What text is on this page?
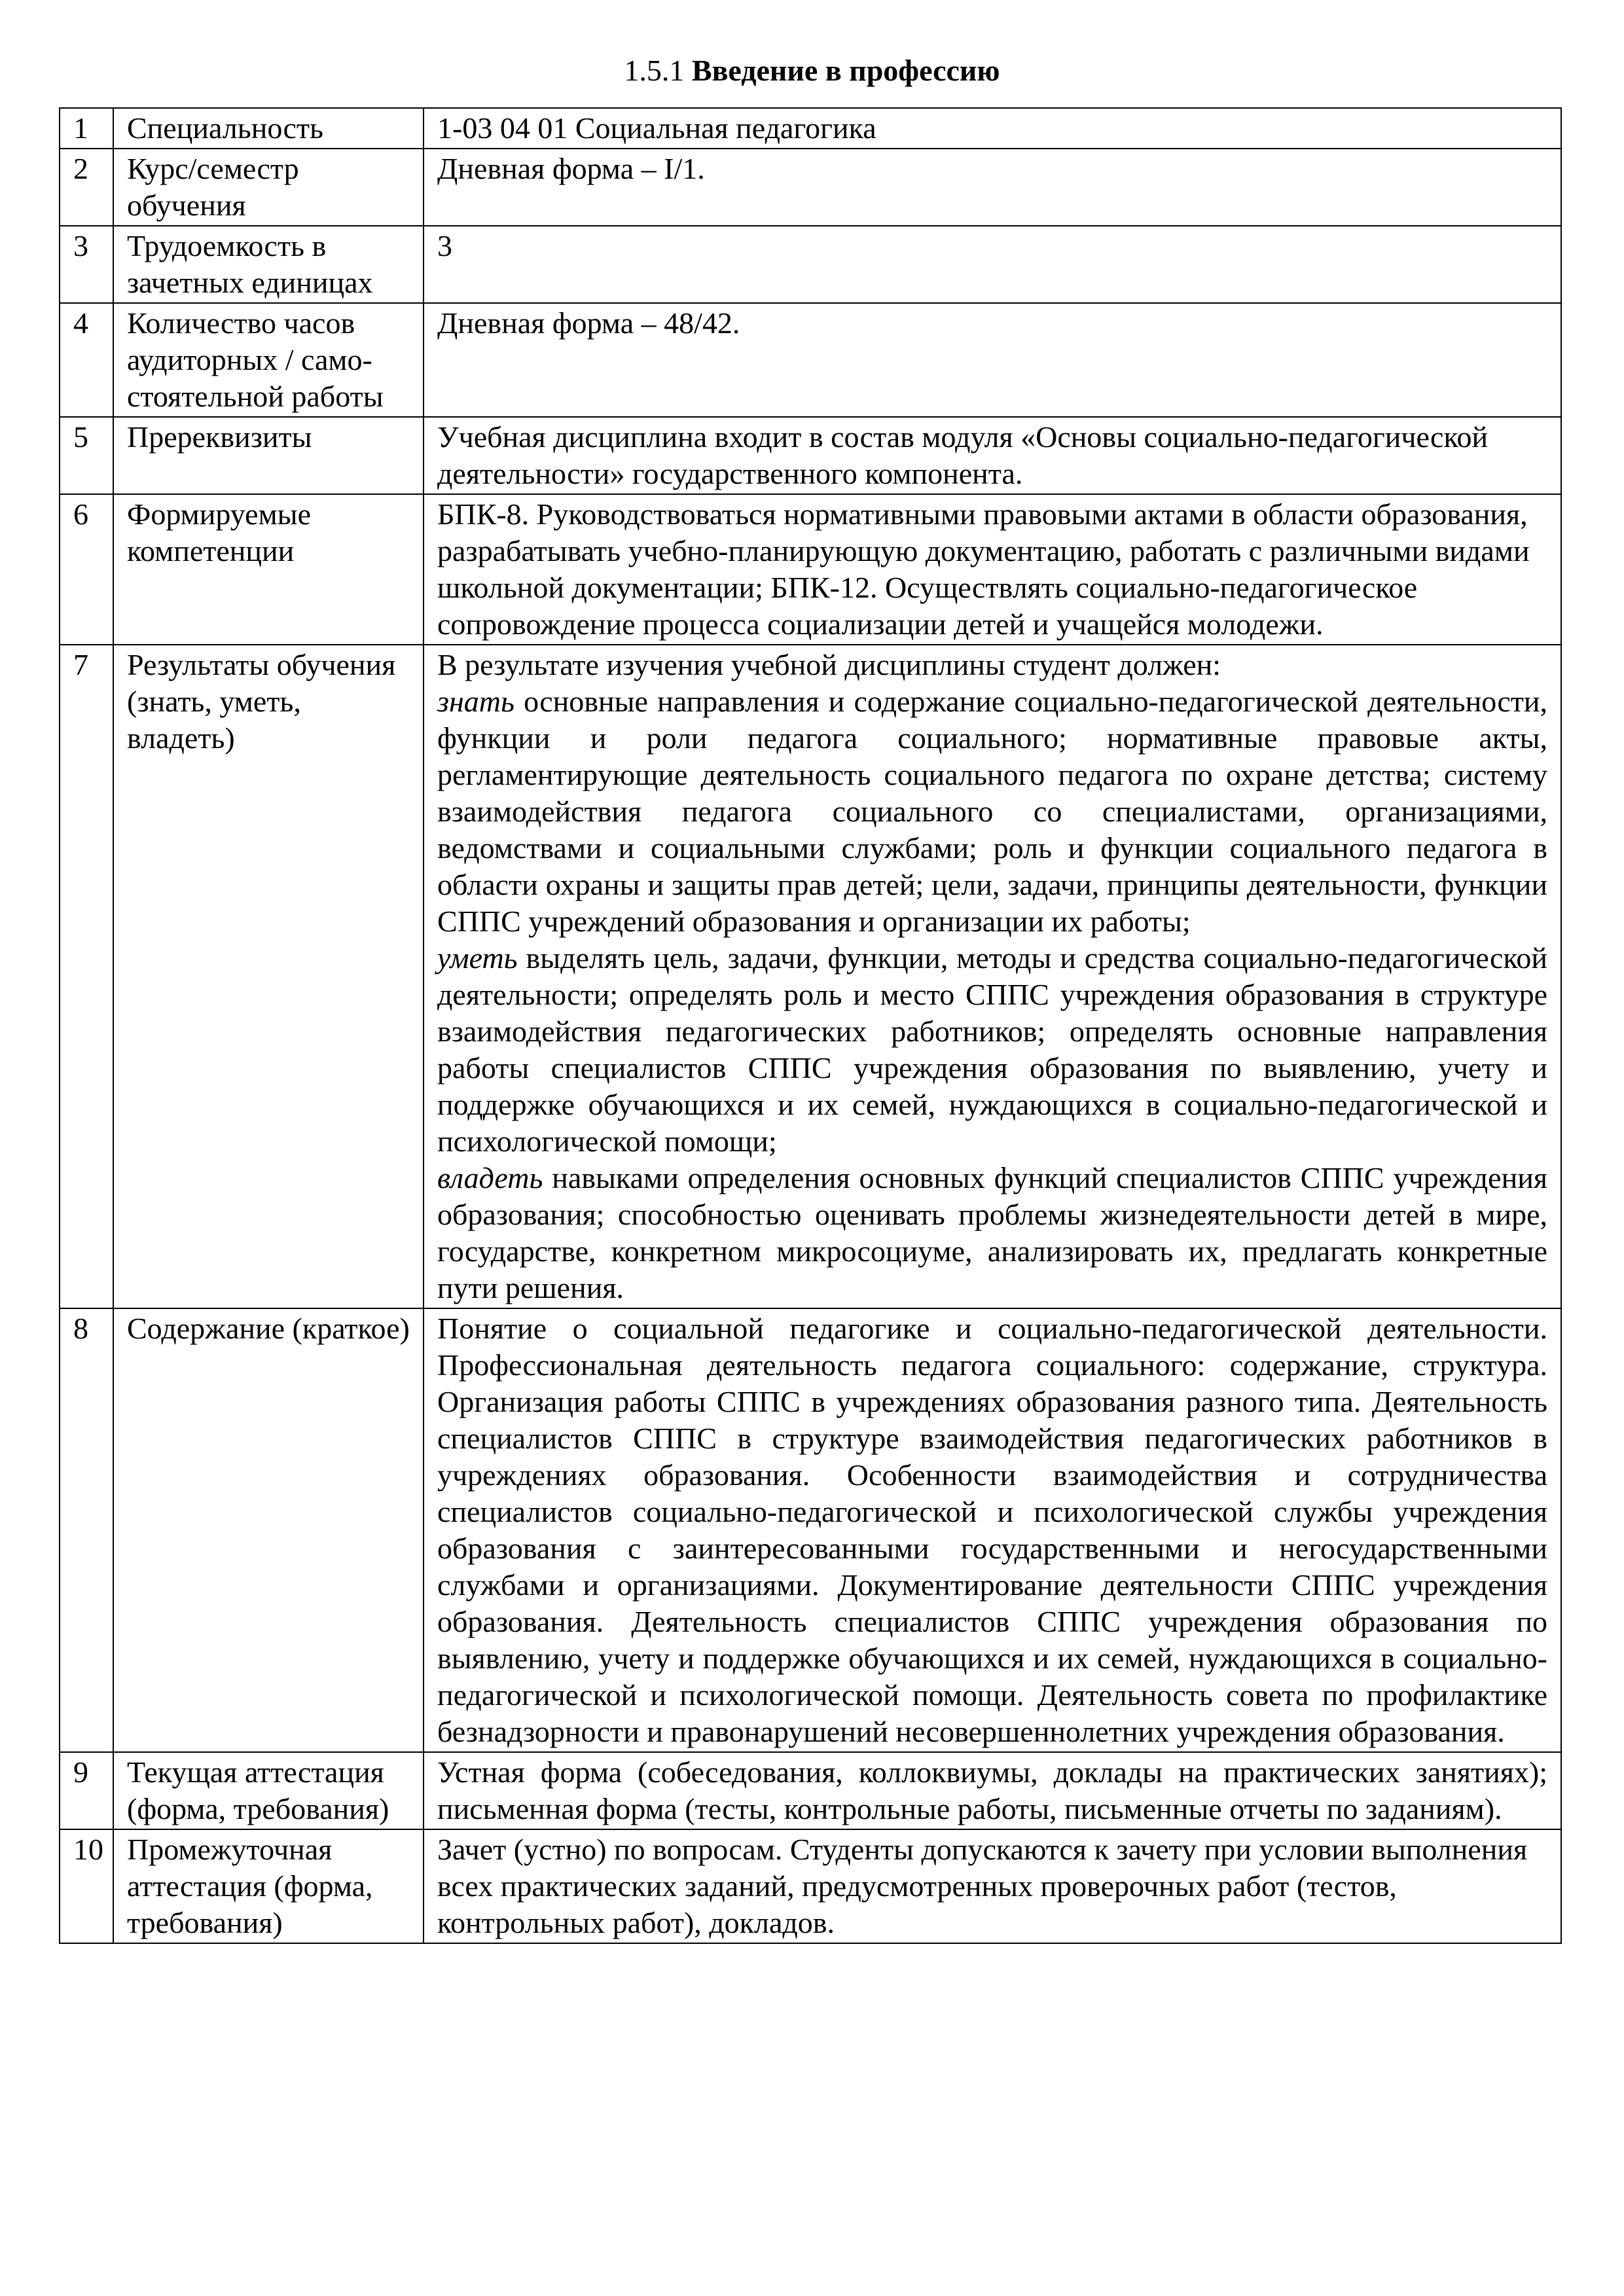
1.5.1 Введение в профессию
1	Специальность	1-03 04 01 Социальная педагогика
2	Курс/семестр обучения	Дневная форма – I/1.
3	Трудоемкость в зачетных единицах	3
4	Количество часов аудиторных / само-стоятельной работы	Дневная форма – 48/42.
5	Пререквизиты	Учебная дисциплина входит в состав модуля «Основы социально-педагогической деятельности» государственного компонента.
6	Формируемые компетенции	БПК-8. Руководствоваться нормативными правовыми актами в области образования, разрабатывать учебно-планирующую документацию, работать с различными видами школьной документации; БПК-12. Осуществлять социально-педагогическое сопровождение процесса социализации детей и учащейся молодежи.
7	Результаты обучения (знать, уметь, владеть)	В результате изучения учебной дисциплины студент должен:
знать основные направления и содержание социально-педагогической деятельности, функции и роли педагога социального; нормативные правовые акты, регламентирующие деятельность социального педагога по охране детства; систему взаимодействия педагога социального со специалистами, организациями, ведомствами и социальными службами; роль и функции социального педагога в области охраны и защиты прав детей; цели, задачи, принципы деятельности, функции СППС учреждений образования и организации их работы;
уметь выделять цель, задачи, функции, методы и средства социально-педагогической деятельности; определять роль и место СППС учреждения образования в структуре взаимодействия педагогических работников; определять основные направления работы специалистов СППС учреждения образования по выявлению, учету и поддержке обучающихся и их семей, нуждающихся в социально-педагогической и психологической помощи;
владеть навыками определения основных функций специалистов СППС учреждения образования; способностью оценивать проблемы жизнедеятельности детей в мире, государстве, конкретном микросоциуме, анализировать их, предлагать конкретные пути решения.
8	Содержание (краткое)	Понятие о социальной педагогике и социально-педагогической деятельности. Профессиональная деятельность педагога социального: содержание, структура. Организация работы СППС в учреждениях образования разного типа. Деятельность специалистов СППС в структуре взаимодействия педагогических работников в учреждениях образования. Особенности взаимодействия и сотрудничества специалистов социально-педагогической и психологической службы учреждения образования с заинтересованными государственными и негосударственными службами и организациями. Документирование деятельности СППС учреждения образования. Деятельность специалистов СППС учреждения образования по выявлению, учету и поддержке обучающихся и их семей, нуждающихся в социально-педагогической и психологической помощи. Деятельность совета по профилактике безнадзорности и правонарушений несовершеннолетних учреждения образования.
9	Текущая аттестация (форма, требования)	Устная форма (собеседования, коллоквиумы, доклады на практических занятиях); письменная форма (тесты, контрольные работы, письменные отчеты по заданиям).
10	Промежуточная аттестация (форма, требования)	Зачет (устно) по вопросам. Студенты допускаются к зачету при условии выполнения всех практических заданий, предусмотренных проверочных работ (тестов, контрольных работ), докладов.
